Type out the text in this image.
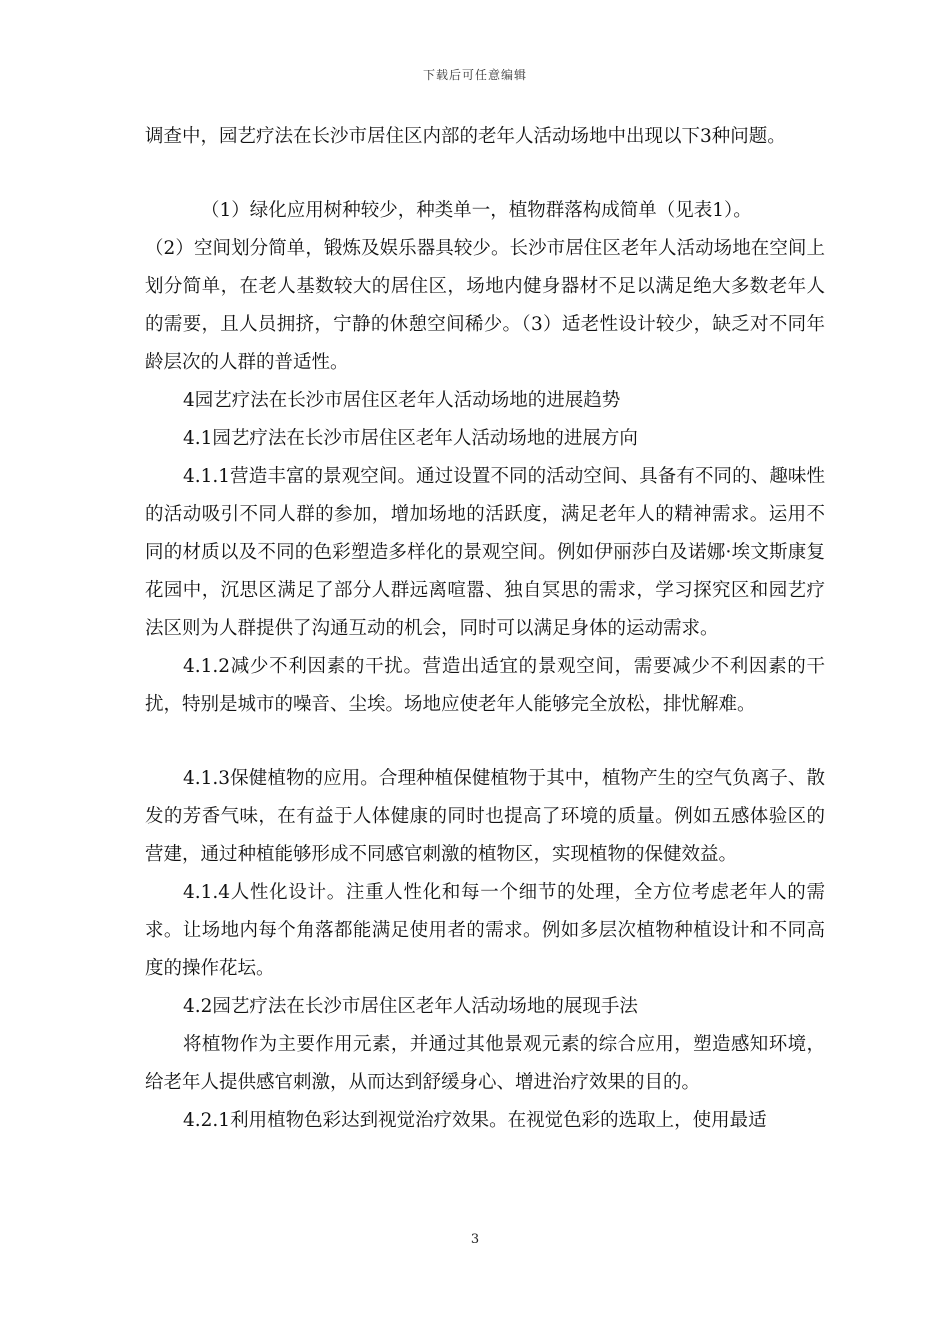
下载后可任意编辑

调查中，园艺疗法在长沙市居住区内部的老年人活动场地中出现以下3种问题。

（1）绿化应用树种较少，种类单一，植物群落构成简单（见表1）。

（2）空间划分简单，锻炼及娱乐器具较少。长沙市居住区老年人活动场地在空间上划分简单，在老人基数较大的居住区，场地内健身器材不足以满足绝大多数老年人的需要，且人员拥挤，宁静的休憩空间稀少。（3）适老性设计较少，缺乏对不同年龄层次的人群的普适性。

4园艺疗法在长沙市居住区老年人活动场地的进展趋势

4.1园艺疗法在长沙市居住区老年人活动场地的进展方向

4.1.1营造丰富的景观空间。通过设置不同的活动空间、具备有不同的、趣味性的活动吸引不同人群的参加，增加场地的活跃度，满足老年人的精神需求。运用不同的材质以及不同的色彩塑造多样化的景观空间。例如伊丽莎白及诺娜·埃文斯康复花园中，沉思区满足了部分人群远离喧嚣、独自冥思的需求，学习探究区和园艺疗法区则为人群提供了沟通互动的机会，同时可以满足身体的运动需求。

4.1.2减少不利因素的干扰。营造出适宜的景观空间，需要减少不利因素的干扰，特别是城市的噪音、尘埃。场地应使老年人能够完全放松，排忧解难。

4.1.3保健植物的应用。合理种植保健植物于其中，植物产生的空气负离子、散发的芳香气味，在有益于人体健康的同时也提高了环境的质量。例如五感体验区的营建，通过种植能够形成不同感官刺激的植物区，实现植物的保健效益。

4.1.4人性化设计。注重人性化和每一个细节的处理，全方位考虑老年人的需求。让场地内每个角落都能满足使用者的需求。例如多层次植物种植设计和不同高度的操作花坛。

4.2园艺疗法在长沙市居住区老年人活动场地的展现手法

将植物作为主要作用元素，并通过其他景观元素的综合应用，塑造感知环境，给老年人提供感官刺激，从而达到舒缓身心、增进治疗效果的目的。

4.2.1利用植物色彩达到视觉治疗效果。在视觉色彩的选取上，使用最适

3
